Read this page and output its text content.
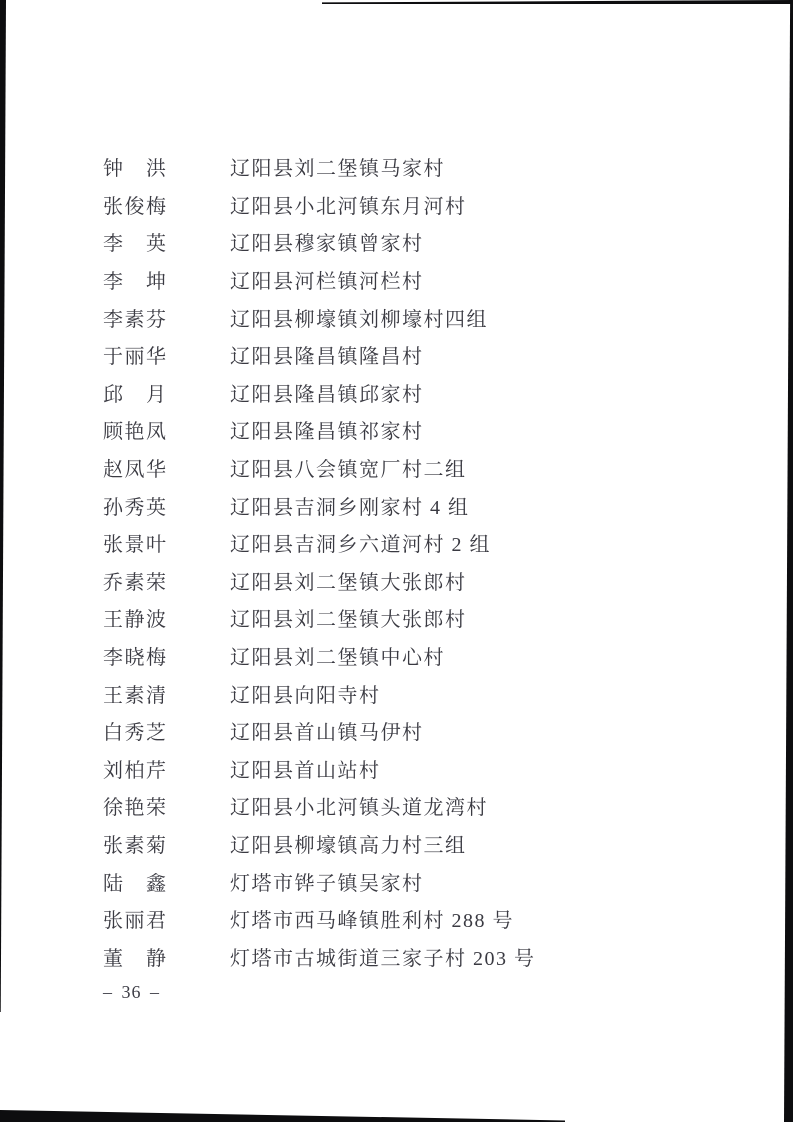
钟　洪	辽阳县刘二堡镇马家村
张俊梅	辽阳县小北河镇东月河村
李　英	辽阳县穆家镇曾家村
李　坤	辽阳县河栏镇河栏村
李素芬	辽阳县柳壕镇刘柳壕村四组
于丽华	辽阳县隆昌镇隆昌村
邱　月	辽阳县隆昌镇邱家村
顾艳凤	辽阳县隆昌镇祁家村
赵凤华	辽阳县八会镇宽厂村二组
孙秀英	辽阳县吉洞乡刚家村 4 组
张景叶	辽阳县吉洞乡六道河村 2 组
乔素荣	辽阳县刘二堡镇大张郎村
王静波	辽阳县刘二堡镇大张郎村
李晓梅	辽阳县刘二堡镇中心村
王素清	辽阳县向阳寺村
白秀芝	辽阳县首山镇马伊村
刘柏芹	辽阳县首山站村
徐艳荣	辽阳县小北河镇头道龙湾村
张素菊	辽阳县柳壕镇高力村三组
陆　鑫	灯塔市铧子镇吴家村
张丽君	灯塔市西马峰镇胜利村 288 号
董　静	灯塔市古城街道三家子村 203 号
– 36 –
